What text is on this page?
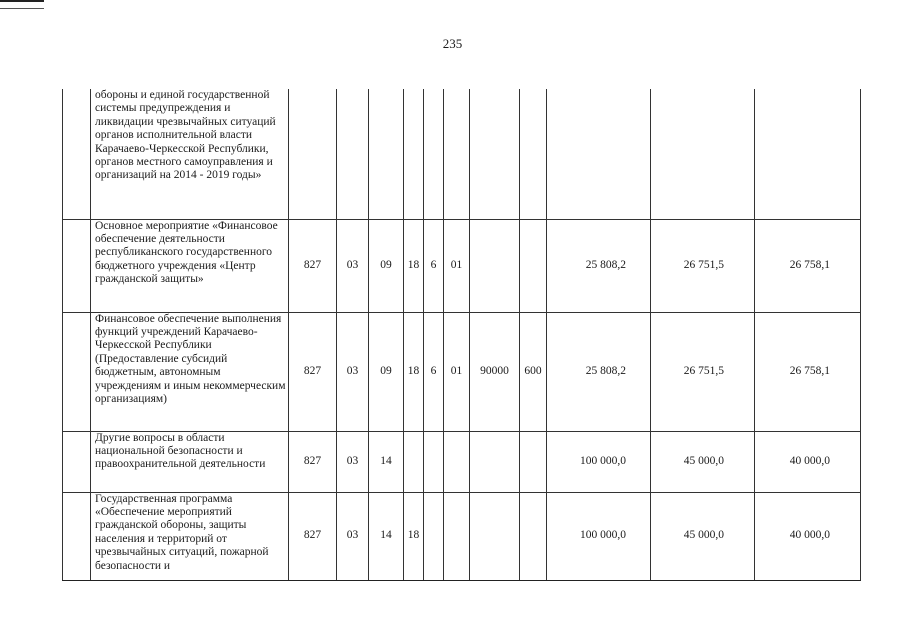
235
	обороны и единой государственной системы предупреждения и ликвидации чрезвычайных ситуаций органов исполнительной власти Карачаево-Черкесской Республики, органов местного самоуправления и организаций на 2014 - 2019 годы»											
	Основное мероприятие «Финансовое обеспечение деятельности республиканского государственного бюджетного учреждения «Центр гражданской защиты»	827	03	09	18	6	01			25 808,2	26 751,5	26 758,1
	Финансовое обеспечение выполнения функций учреждений Карачаево-Черкесской Республики (Предоставление субсидий бюджетным, автономным учреждениям и иным некоммерческим организациям)	827	03	09	18	6	01	90000	600	25 808,2	26 751,5	26 758,1
	Другие вопросы в области национальной безопасности и правоохранительной деятельности	827	03	14						100 000,0	45 000,0	40 000,0
	Государственная программа «Обеспечение мероприятий гражданской обороны, защиты населения и территорий от чрезвычайных ситуаций, пожарной безопасности и	827	03	14	18					100 000,0	45 000,0	40 000,0
